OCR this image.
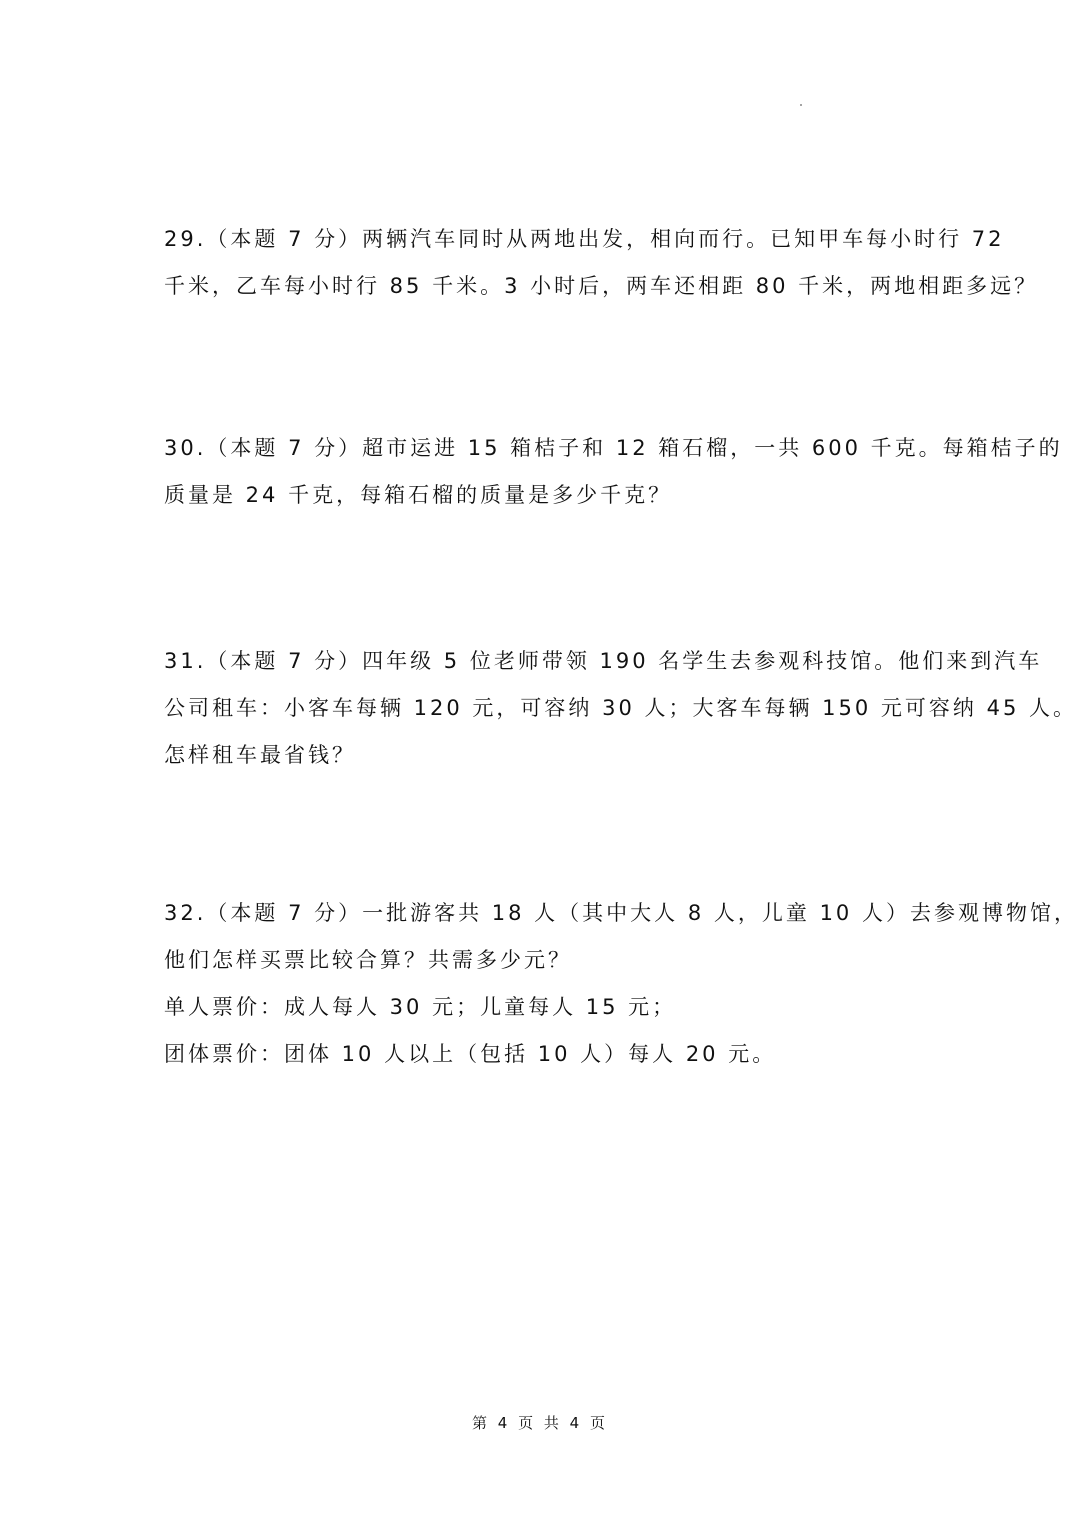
29.（本题 7 分）两辆汽车同时从两地出发，相向而行。已知甲车每小时行 72
千米，乙车每小时行 85 千米。3 小时后，两车还相距 80 千米，两地相距多远？
30.（本题 7 分）超市运进 15 箱桔子和 12 箱石榴，一共 600 千克。每箱桔子的
质量是 24 千克，每箱石榴的质量是多少千克？
31.（本题 7 分）四年级 5 位老师带领 190 名学生去参观科技馆。他们来到汽车
公司租车：小客车每辆 120 元，可容纳 30 人；大客车每辆 150 元可容纳 45 人。
怎样租车最省钱？
32.（本题 7 分）一批游客共 18 人（其中大人 8 人，儿童 10 人）去参观博物馆，
他们怎样买票比较合算？共需多少元？
单人票价：成人每人 30 元；儿童每人 15 元；
团体票价：团体 10 人以上（包括 10 人）每人 20 元。
第 4 页 共 4 页
